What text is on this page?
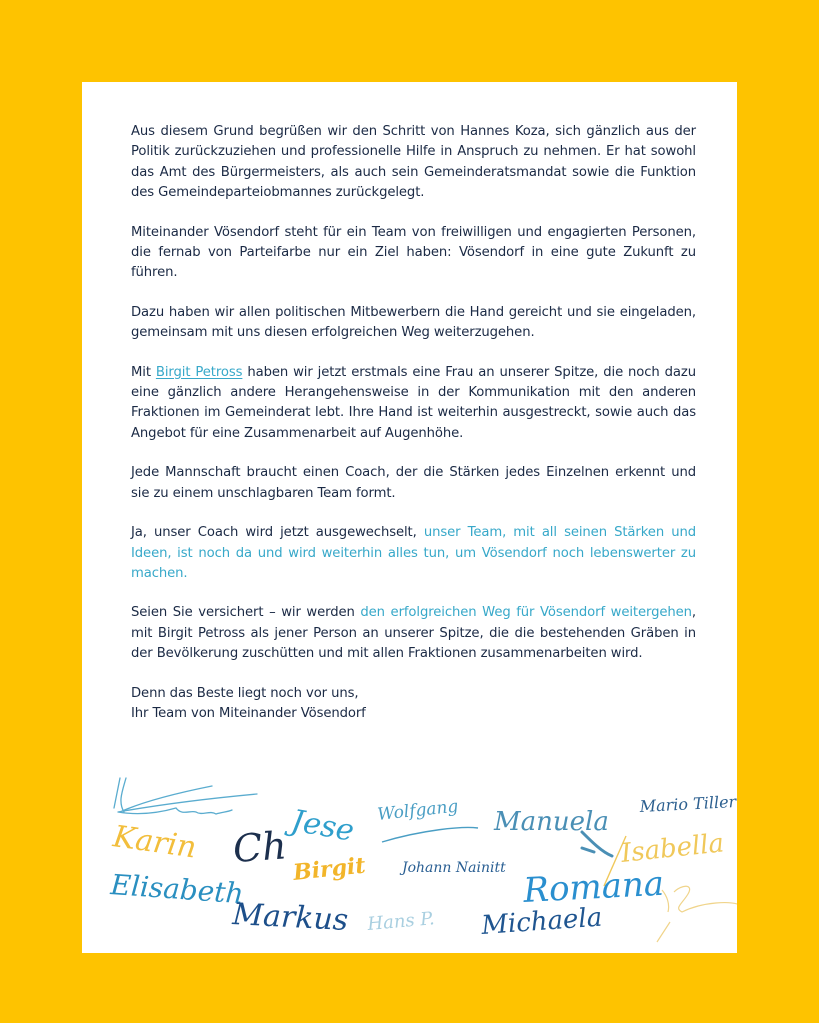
Aus diesem Grund begrüßen wir den Schritt von Hannes Koza, sich gänzlich aus der Politik zurückzuziehen und professionelle Hilfe in Anspruch zu nehmen. Er hat sowohl das Amt des Bürgermeisters, als auch sein Gemeinderatsmandat sowie die Funktion des Gemeindeparteiobmannes zurückgelegt.

Miteinander Vösendorf steht für ein Team von freiwilligen und engagierten Personen, die fernab von Parteifarbe nur ein Ziel haben: Vösendorf in eine gute Zukunft zu führen.

Dazu haben wir allen politischen Mitbewerbern die Hand gereicht und sie eingeladen, gemeinsam mit uns diesen erfolgreichen Weg weiterzugehen.

Mit Birgit Petross haben wir jetzt erstmals eine Frau an unserer Spitze, die noch dazu eine gänzlich andere Herangehensweise in der Kommunikation mit den anderen Fraktionen im Gemeinderat lebt. Ihre Hand ist weiterhin ausgestreckt, sowie auch das Angebot für eine Zusammenarbeit auf Augenhöhe.

Jede Mannschaft braucht einen Coach, der die Stärken jedes Einzelnen erkennt und sie zu einem unschlagbaren Team formt.

Ja, unser Coach wird jetzt ausgewechselt, unser Team, mit all seinen Stärken und Ideen, ist noch da und wird weiterhin alles tun, um Vösendorf noch lebenswerter zu machen.

Seien Sie versichert – wir werden den erfolgreichen Weg für Vösendorf weitergehen, mit Birgit Petross als jener Person an unserer Spitze, die die bestehenden Gräben in der Bevölkerung zuschütten und mit allen Fraktionen zusammenarbeiten wird.

Denn das Beste liegt noch vor uns,

Ihr Team von Miteinander Vösendorf

Karin Ch Jese Wolfgang Manuela
Mario Tiller
Isabella
Birgit	Johann Nainitt
Elisabeth
Markus Hans P.
Romana
Michaela
